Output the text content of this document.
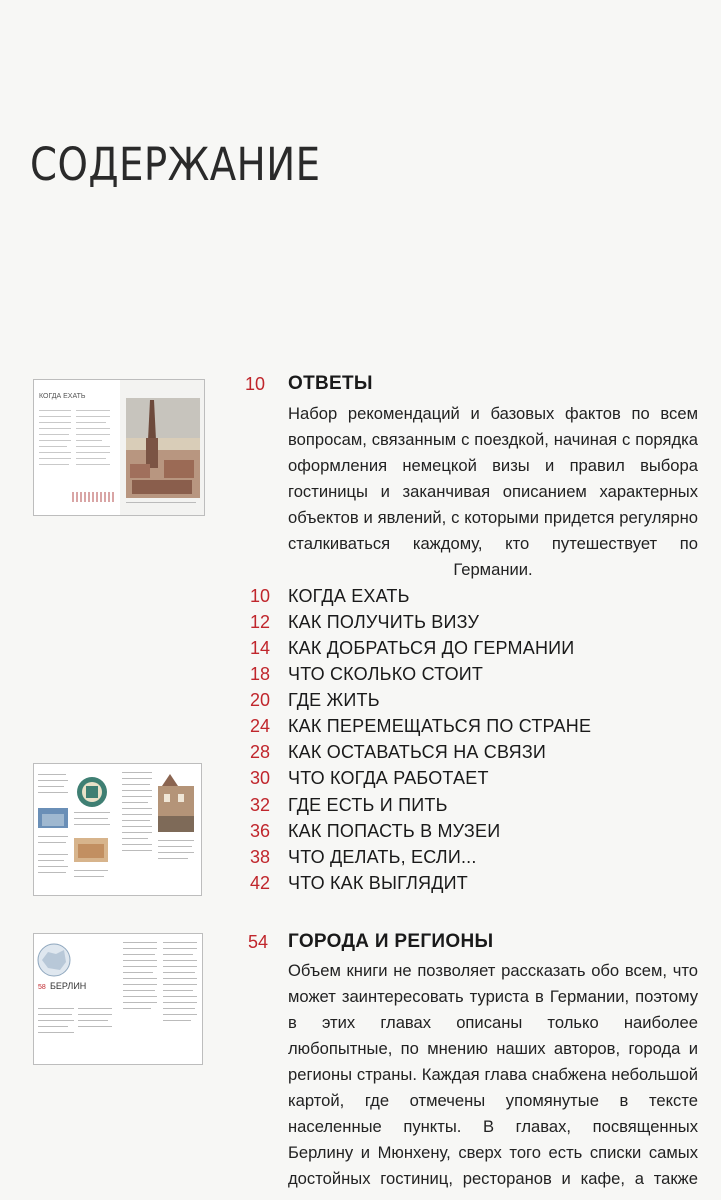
СОДЕРЖАНИЕ
КОГДА ЕХАТЬ
58 БЕРЛИН
10 ОТВЕТЫ
Набор рекомендаций и базовых фактов по всем вопросам, связанным с поездкой, начиная с порядка оформления немецкой визы и правил выбора гостиницы и заканчивая описанием характерных объектов и явлений, с которыми придется регулярно сталкиваться каждому, кто путешествует по Германии.
10 КОГДА ЕХАТЬ
12 КАК ПОЛУЧИТЬ ВИЗУ
14 КАК ДОБРАТЬСЯ ДО ГЕРМАНИИ
18 ЧТО СКОЛЬКО СТОИТ
20 ГДЕ ЖИТЬ
24 КАК ПЕРЕМЕЩАТЬСЯ ПО СТРАНЕ
28 КАК ОСТАВАТЬСЯ НА СВЯЗИ
30 ЧТО КОГДА РАБОТАЕТ
32 ГДЕ ЕСТЬ И ПИТЬ
36 КАК ПОПАСТЬ В МУЗЕИ
38 ЧТО ДЕЛАТЬ, ЕСЛИ...
42 ЧТО КАК ВЫГЛЯДИТ
54 ГОРОДА И РЕГИОНЫ
Объем книги не позволяет рассказать обо всем, что может заинтересовать туриста в Германии, поэтому в этих главах описаны только наиболее любопытные, по мнению наших авторов, города и регионы страны. Каждая глава снабжена небольшой картой, где отмечены упомянутые в тексте населенные пункты. В главах, посвященных Берлину и Мюнхену, сверх того есть списки самых достойных гостиниц, ресторанов и кафе, а также
